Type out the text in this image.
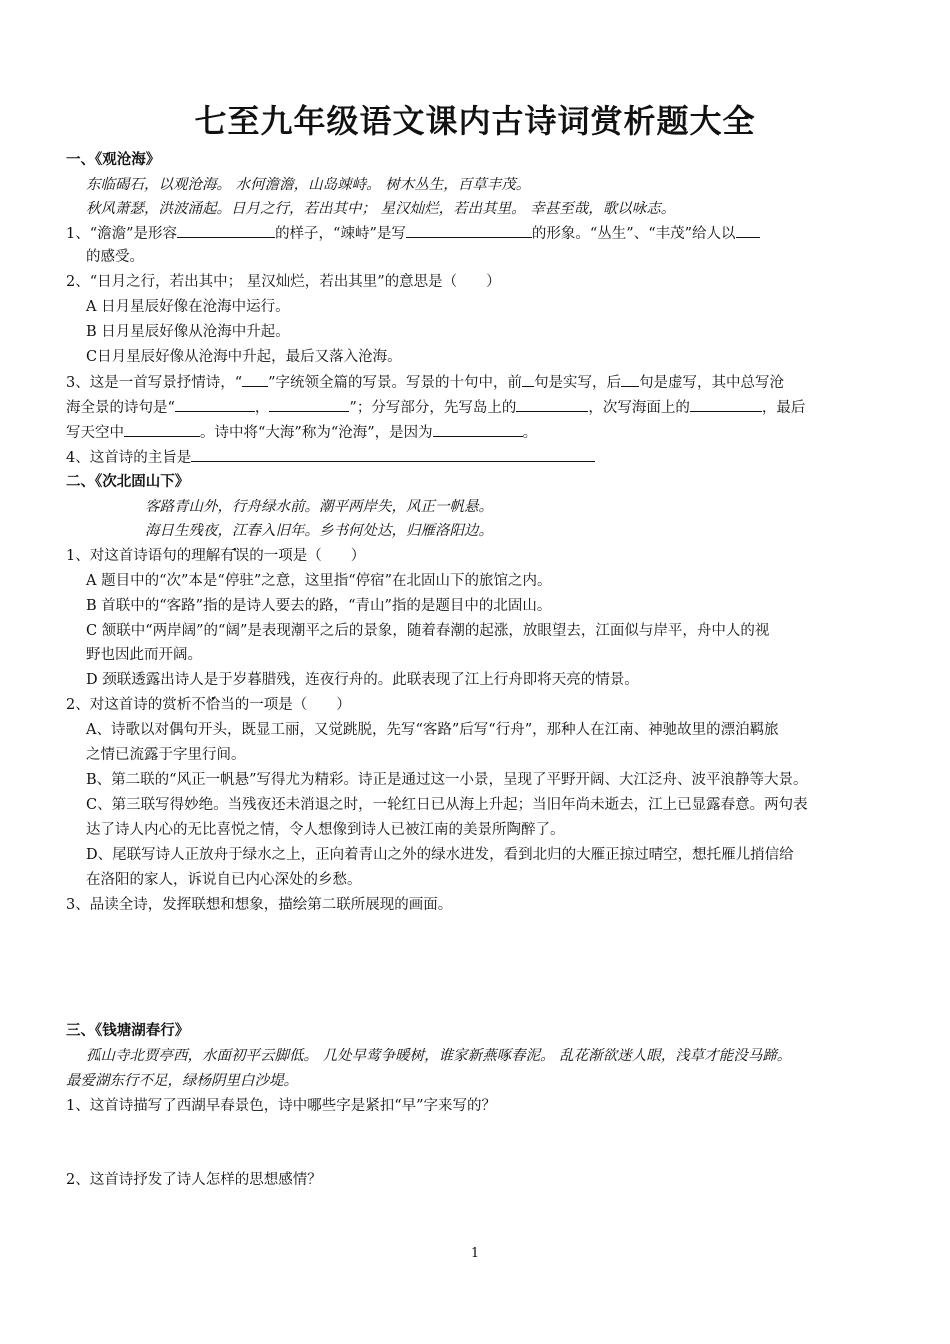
七至九年级语文课内古诗词赏析题大全
一、《观沧海》
东临碣石，以观沧海。 水何澹澹，山岛竦峙。 树木丛生，百草丰茂。
秋风萧瑟，洪波涌起。日月之行，若出其中； 星汉灿烂，若出其里。 幸甚至哉，歌以咏志。
1、“澹澹”是形容	的样子，“竦峙”是写	的形象。“丛生”、“丰茂”给人以
的感受。
2、“日月之行，若出其中； 星汉灿烂，若出其里”的意思是（　　）
A 日月星辰好像在沧海中运行。
B 日月星辰好像从沧海中升起。
C日月星辰好像从沧海中升起，最后又落入沧海。
3、这是一首写景抒情诗，“ ”字统领全篇的写景。写景的十句中，前 句是实写，后 句是虚写，其中总写沧
海全景的诗句是“	，	”；分写部分，先写岛上的	，次写海面上的	，最后
写天空中	。诗中将“大海”称为“沧海”，是因为	。
4、这首诗的主旨是
二、《次北固山下》
客路青山外，行舟绿水前。潮平两岸失，风正一帆悬。
海日生残夜，江春入旧年。乡书何处达，归雁洛阳边。
1、对这首诗语句的理解有误的一项是（　　）
A 题目中的“次”本是“停驻”之意，这里指“停宿”在北固山下的旅馆之内。
B 首联中的“客路”指的是诗人要去的路，“青山”指的是题目中的北固山。
C 颔联中“两岸阔”的“阔”是表现潮平之后的景象，随着春潮的起涨，放眼望去，江面似与岸平，舟中人的视
野也因此而开阔。
D 颈联透露出诗人是于岁暮腊残，连夜行舟的。此联表现了江上行舟即将天亮的情景。
2、对这首诗的赏析不恰当的一项是（　　）
A、诗歌以对偶句开头，既显工丽，又觉跳脱，先写“客路”后写“行舟”，那种人在江南、神驰故里的漂泊羁旅
之情已流露于字里行间。
B、第二联的“风正一帆悬”写得尤为精彩。诗正是通过这一小景，呈现了平野开阔、大江泛舟、波平浪静等大景。
C、第三联写得妙绝。当残夜还未消退之时，一轮红日已从海上升起；当旧年尚未逝去，江上已显露春意。两句表
达了诗人内心的无比喜悦之情，令人想像到诗人已被江南的美景所陶醉了。
D、尾联写诗人正放舟于绿水之上，正向着青山之外的绿水进发，看到北归的大雁正掠过晴空，想托雁儿捎信给
在洛阳的家人，诉说自已内心深处的乡愁。
3、品读全诗，发挥联想和想象，描绘第二联所展现的画面。
三、《钱塘湖春行》
孤山寺北贾亭西，水面初平云脚低。 几处早莺争暖树，谁家新燕啄春泥。 乱花渐欲迷人眼，浅草才能没马蹄。
最爱湖东行不足，绿杨阴里白沙堤。
1、这首诗描写了西湖早春景色，诗中哪些字是紧扣“早”字来写的？
2、这首诗抒发了诗人怎样的思想感情？
1
